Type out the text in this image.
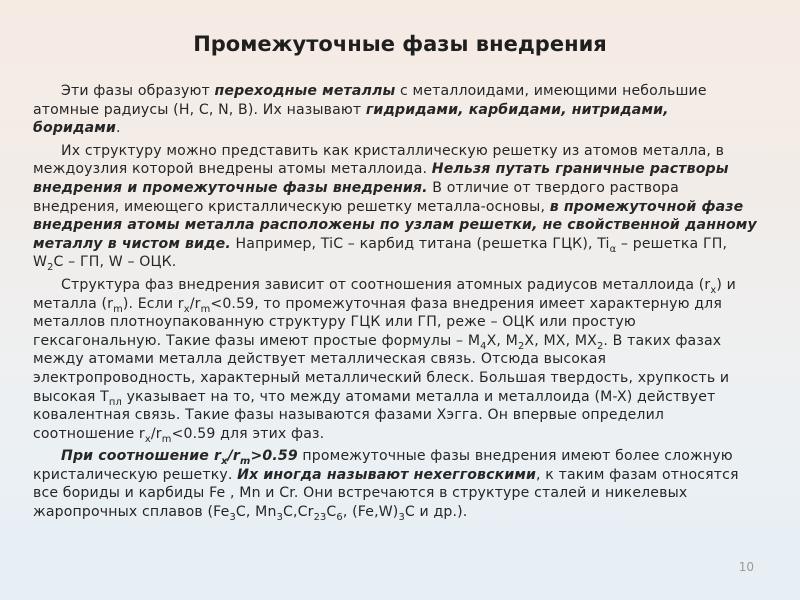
Промежуточные фазы внедрения

Эти фазы образуют переходные металлы с металлоидами, имеющими небольшие атомные радиусы (H, C, N, B). Их называют гидридами, карбидами, нитридами, боридами.

Их структуру можно представить как кристаллическую решетку из атомов металла, в междоузлия которой внедрены атомы металлоида. Нельзя путать граничные растворы внедрения и промежуточные фазы внедрения. В отличие от твердого раствора внедрения, имеющего кристаллическую решетку металла-основы, в промежуточной фазе внедрения атомы металла расположены по узлам решетки, не свойственной данному металлу в чистом виде. Например, TiC – карбид титана (решетка ГЦК), $Ti_\alpha$ – решетка ГП, $W_2C$ – ГП, W – ОЦК.

Структура фаз внедрения зависит от соотношения атомных радиусов металлоида $(r_x)$ и металла $(r_m)$. Если $r_x/r_m<0.59$, то промежуточная фаза внедрения имеет характерную для металлов плотноупакованную структуру ГЦК или ГП, реже – ОЦК или простую гексагональную. Такие фазы имеют простые формулы – $M_4X$, $M_2X$, MX, $MX_2$. В таких фазах между атомами металла действует металлическая связь. Отсюда высокая электропроводность, характерный металлический блеск. Большая твердость, хрупкость и высокая $T_{пл}$ указывает на то, что между атомами металла и металлоида (M-X) действует ковалентная связь. Такие фазы называются фазами Хэгга. Он впервые определил соотношение $r_x/r_m<0.59$ для этих фаз.

При соотношение $r_x/r_m>0.59$ промежуточные фазы внедрения имеют более сложную кристалическую решетку. Их иногда называют нехегговскими, к таким фазам относятся все бориды и карбиды Fe , Mn и Cr. Они встречаются в структуре сталей и никелевых жаропрочных сплавов ($Fe_3C$, $Mn_3C,Cr_{23}C_6$, $(Fe,W)_3C$ и др.).

10
